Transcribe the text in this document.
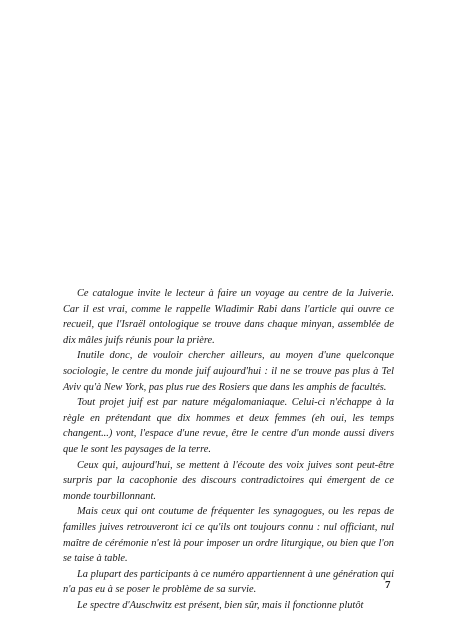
Ce catalogue invite le lecteur à faire un voyage au centre de la Juiverie. Car il est vrai, comme le rappelle Wladimir Rabi dans l'article qui ouvre ce recueil, que l'Israël ontologique se trouve dans chaque minyan, assemblée de dix mâles juifs réunis pour la prière.

Inutile donc, de vouloir chercher ailleurs, au moyen d'une quelconque sociologie, le centre du monde juif aujourd'hui : il ne se trouve pas plus à Tel Aviv qu'à New York, pas plus rue des Rosiers que dans les amphis de facultés.

Tout projet juif est par nature mégalomaniaque. Celui-ci n'échappe à la règle en prétendant que dix hommes et deux femmes (eh oui, les temps changent...) vont, l'espace d'une revue, être le centre d'un monde aussi divers que le sont les paysages de la terre.

Ceux qui, aujourd'hui, se mettent à l'écoute des voix juives sont peut-être surpris par la cacophonie des discours contradictoires qui émergent de ce monde tourbillonnant.

Mais ceux qui ont coutume de fréquenter les synagogues, ou les repas de familles juives retrouveront ici ce qu'ils ont toujours connu : nul officiant, nul maître de cérémonie n'est là pour imposer un ordre liturgique, ou bien que l'on se taise à table.

La plupart des participants à ce numéro appartiennent à une génération qui n'a pas eu à se poser le problème de sa survie.

Le spectre d'Auschwitz est présent, bien sûr, mais il fonctionne plutôt

7
